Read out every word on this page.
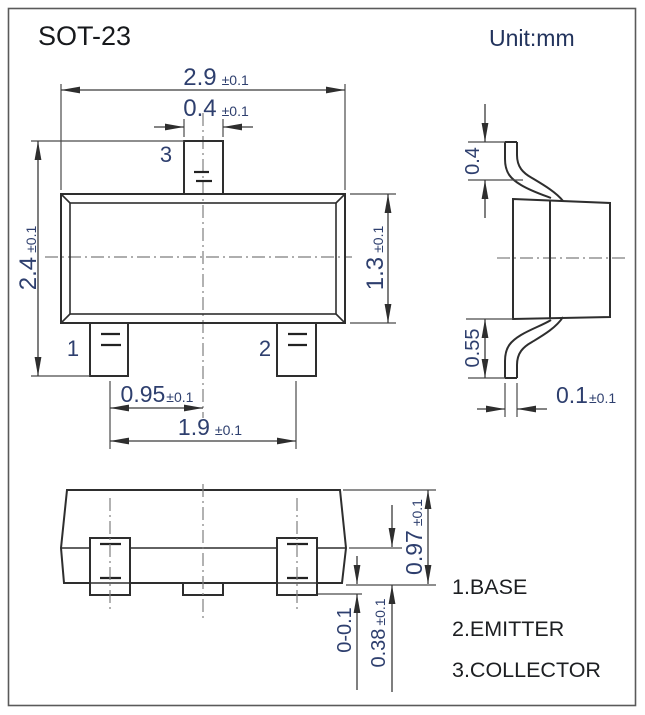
SOT-23	Unit:mm
3
1	2
2.9 ±0.1
0.4 ±0.1
2.4±0.1
1.3±0.1
0.95±0.1
1.9 ±0.1
0.4
0.55
0.1±0.1
0.97±0.1
0.38±0.1
0-0.1
1.BASE
2.EMITTER
3.COLLECTOR
